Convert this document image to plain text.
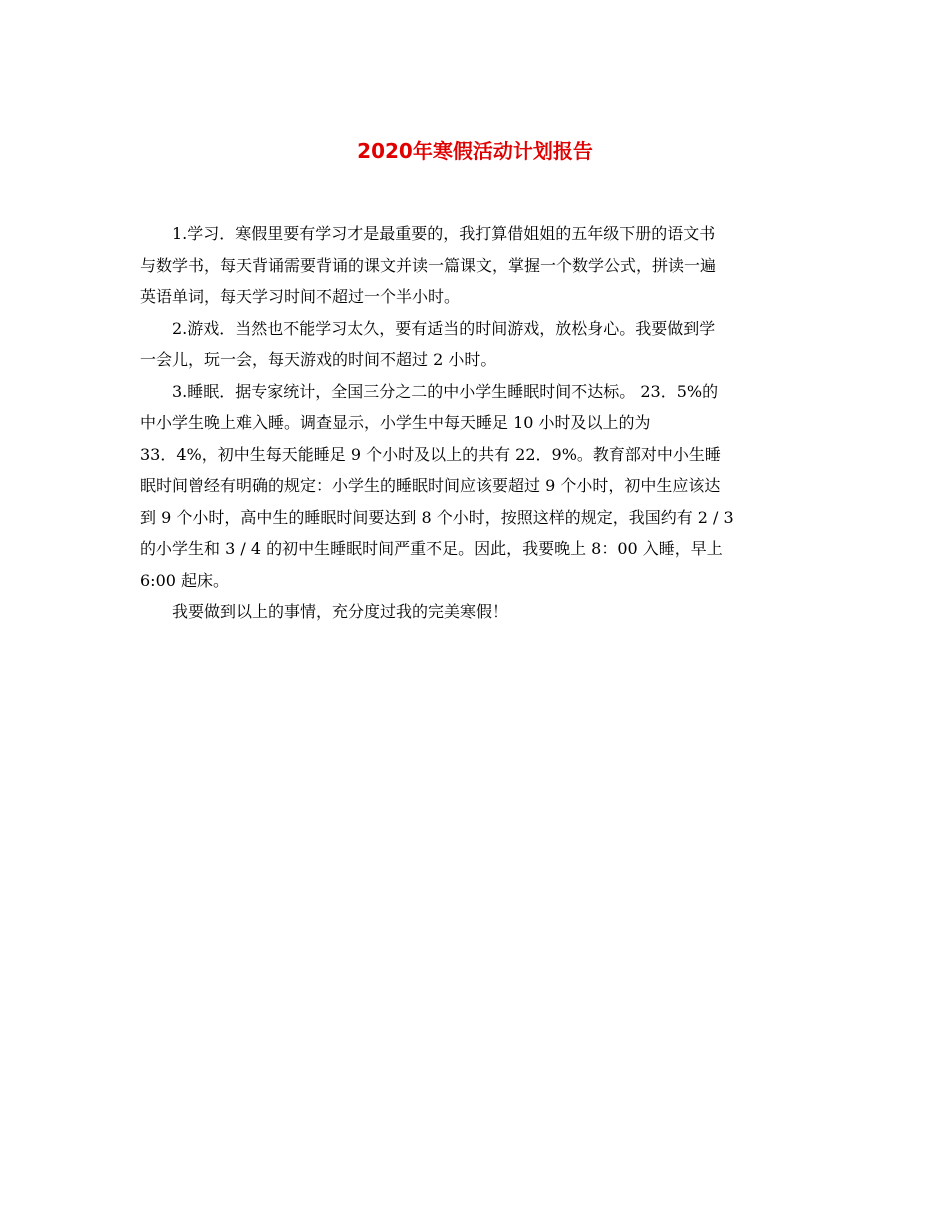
2020年寒假活动计划报告

1.学习．寒假里要有学习才是最重要的，我打算借姐姐的五年级下册的语文书
与数学书，每天背诵需要背诵的课文并读一篇课文，掌握一个数学公式，拼读一遍
英语单词，每天学习时间不超过一个半小时。

2.游戏．当然也不能学习太久，要有适当的时间游戏，放松身心。我要做到学
一会儿，玩一会，每天游戏的时间不超过 2 小时。

3.睡眠．据专家统计，全国三分之二的中小学生睡眠时间不达标。 23．5%的
中小学生晚上难入睡。调查显示，小学生中每天睡足 10 小时及以上的为
33．4%，初中生每天能睡足 9 个小时及以上的共有 22．9%。教育部对中小生睡
眠时间曾经有明确的规定：小学生的睡眠时间应该要超过 9 个小时，初中生应该达
到 9 个小时，高中生的睡眠时间要达到 8 个小时，按照这样的规定，我国约有 2 / 3
的小学生和 3 / 4 的初中生睡眠时间严重不足。因此，我要晚上 8：00 入睡，早上
6:00 起床。

我要做到以上的事情，充分度过我的完美寒假！
